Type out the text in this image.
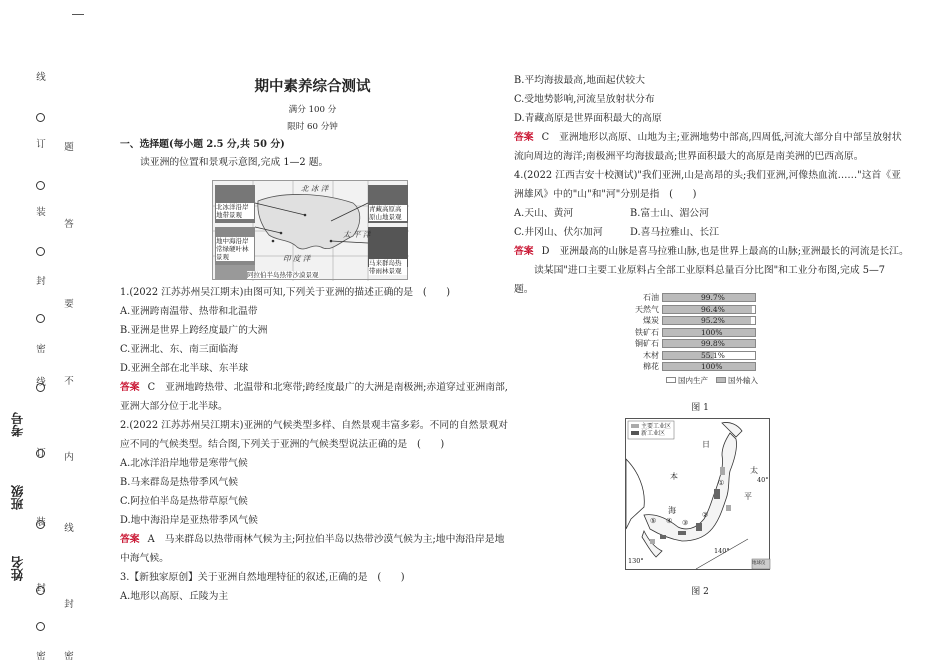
线
订
装
封
密
线
订
装
封
密
题
答
要
不
内
线
封
密
考号
班级
姓名
期中素养综合测试
满分 100 分
限时 60 分钟

一、选择题(每小题 2.5 分,共 50 分)

读亚洲的位置和景观示意图,完成 1—2 题。

北 冰 洋
太 平 洋
印 度 洋
北冰洋沿岸地带景观
地中海沿岸常绿硬叶林景观
青藏高原高原山地景观
马来群岛热带雨林景观
阿拉伯半岛热带沙漠景观

1.(2022 江苏苏州吴江期末)由图可知,下列关于亚洲的描述正确的是　(　　)

A.亚洲跨南温带、热带和北温带

B.亚洲是世界上跨经度最广的大洲

C.亚洲北、东、南三面临海

D.亚洲全部在北半球、东半球

答案 C 亚洲地跨热带、北温带和北寒带;跨经度最广的大洲是南极洲;赤道穿过亚洲南部,

亚洲大部分位于北半球。

2.(2022 江苏苏州吴江期末)亚洲的气候类型多样、自然景观丰富多彩。不同的自然景观对

应不同的气候类型。结合图,下列关于亚洲的气候类型说法正确的是　(　　)

A.北冰洋沿岸地带是寒带气候

B.马来群岛是热带季风气候

C.阿拉伯半岛是热带草原气候

D.地中海沿岸是亚热带季风气候

答案 A 马来群岛以热带雨林气候为主;阿拉伯半岛以热带沙漠气候为主;地中海沿岸是地

中海气候。

3.【新独家原创】关于亚洲自然地理特征的叙述,正确的是　(　　)

A.地形以高原、丘陵为主

B.平均海拔最高,地面起伏较大

C.受地势影响,河流呈放射状分布

D.青藏高原是世界面积最大的高原

答案 C 亚洲地形以高原、山地为主;亚洲地势中部高,四周低,河流大部分自中部呈放射状

流向周边的海洋;南极洲平均海拔最高;世界面积最大的高原是南美洲的巴西高原。

4.(2022 江西吉安十校测试)"我们亚洲,山是高昂的头;我们亚洲,河像热血流……"这首《亚

洲雄风》中的"山"和"河"分别是指　(　　)

A.天山、黄河	B.富士山、湄公河

C.井冈山、伏尔加河	D.喜马拉雅山、长江

答案 D 亚洲最高的山脉是喜马拉雅山脉,也是世界上最高的山脉;亚洲最长的河流是长江。

读某国"进口主要工业原料占全部工业原料总量百分比图"和工业分布图,完成 5—7

题。

石油	99.7%
天然气	96.4%
煤炭	95.2%
铁矿石	100%
铜矿石	99.8%
木材	55.1%
棉花	100%
国内生产	国外输入
图 1
主要工业区
新工业区
日
本
太
平
海
40°
140°
130°
①
②
③
④
⑤
地球仪
图 2
